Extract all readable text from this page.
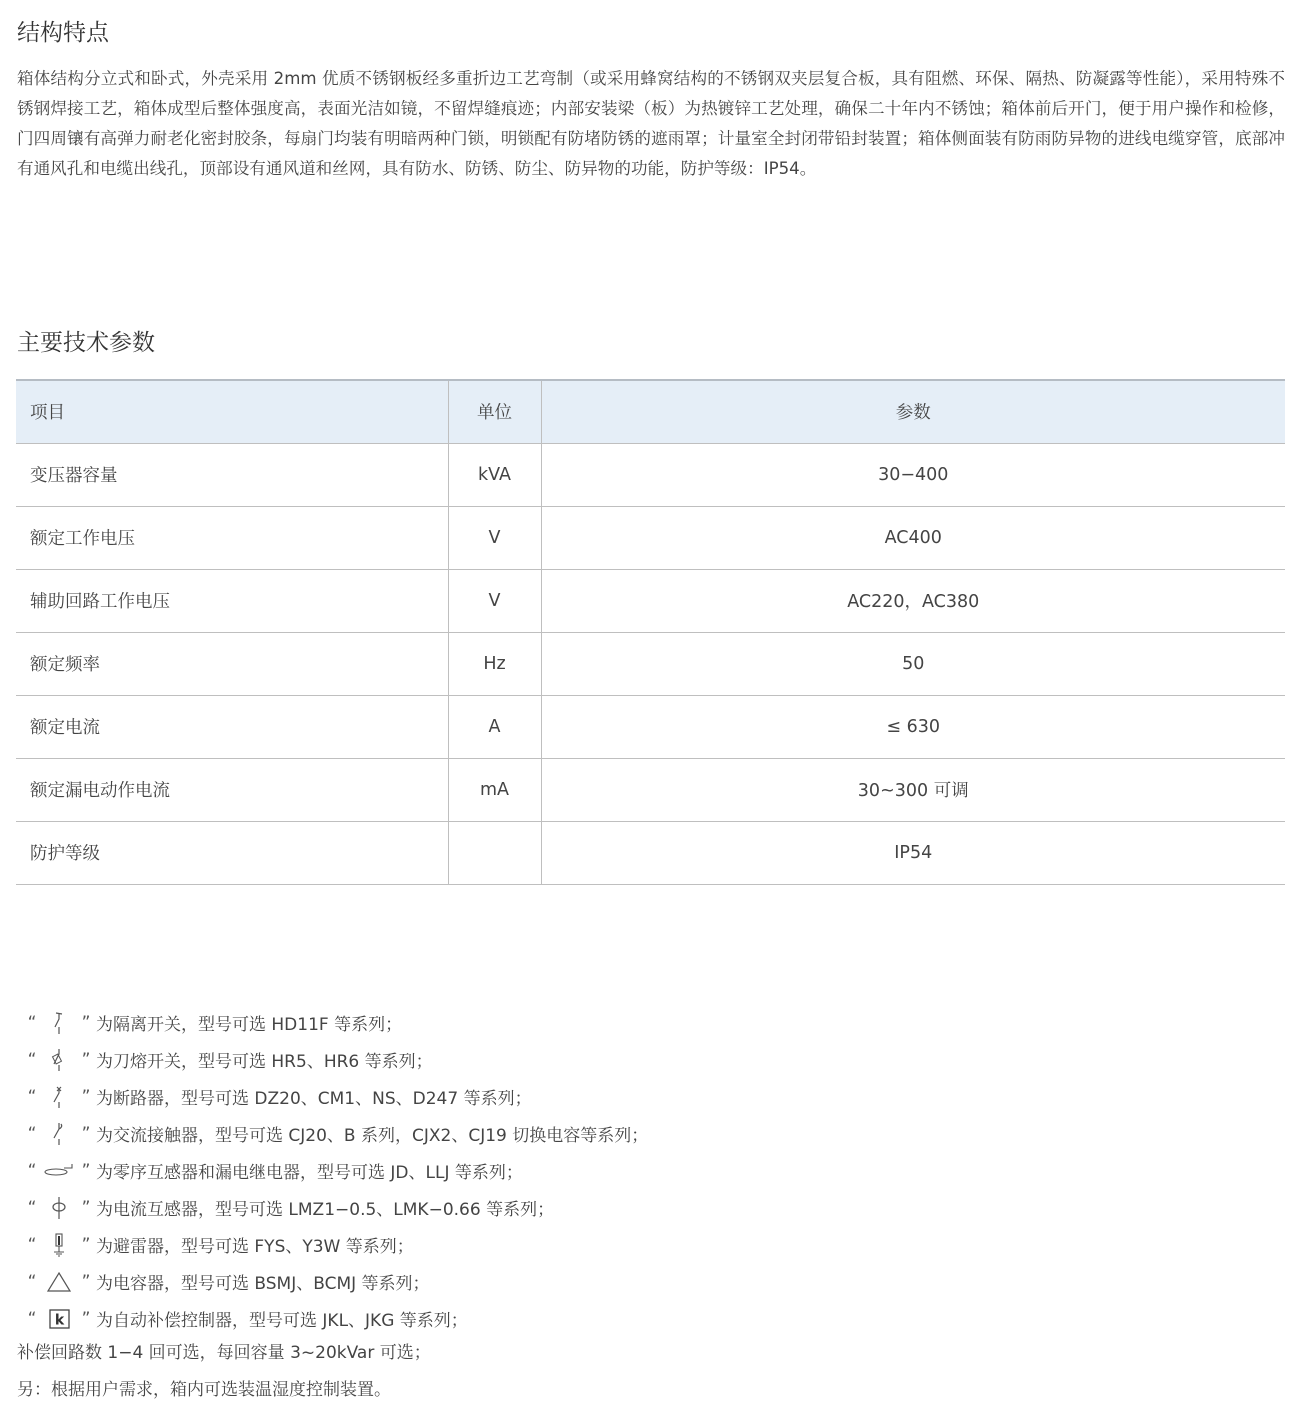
结构特点

箱体结构分立式和卧式，外壳采用 2mm 优质不锈钢板经多重折边工艺弯制（或采用蜂窝结构的不锈钢双夹层复合板，具有阻燃、环保、隔热、防凝露等性能），采用特殊不锈钢焊接工艺，箱体成型后整体强度高，表面光洁如镜，不留焊缝痕迹；内部安装梁（板）为热镀锌工艺处理，确保二十年内不锈蚀；箱体前后开门，便于用户操作和检修，门四周镶有高弹力耐老化密封胶条，每扇门均装有明暗两种门锁，明锁配有防堵防锈的遮雨罩；计量室全封闭带铅封装置；箱体侧面装有防雨防异物的进线电缆穿管，底部冲有通风孔和电缆出线孔，顶部设有通风道和丝网，具有防水、防锈、防尘、防异物的功能，防护等级：IP54。

主要技术参数
项目	单位	参数
变压器容量	kVA	30−400
额定工作电压	V	AC400
辅助回路工作电压	V	AC220，AC380
额定频率	Hz	50
额定电流	A	≤ 630
额定漏电动作电流	mA	30~300 可调
防护等级		IP54
“	” 为隔离开关，型号可选 HD11F 等系列；
“	” 为刀熔开关，型号可选 HR5、HR6 等系列；
“	” 为断路器，型号可选 DZ20、CM1、NS、D247 等系列；
“	” 为交流接触器，型号可选 CJ20、B 系列，CJX2、CJ19 切换电容等系列；
“	” 为零序互感器和漏电继电器，型号可选 JD、LLJ 等系列；
“	” 为电流互感器，型号可选 LMZ1−0.5、LMK−0.66 等系列；
“	” 为避雷器，型号可选 FYS、Y3W 等系列；
“	” 为电容器，型号可选 BSMJ、BCMJ 等系列；
“	k	” 为自动补偿控制器，型号可选 JKL、JKG 等系列；
补偿回路数 1−4 回可选，每回容量 3~20kVar 可选；
另：根据用户需求，箱内可选装温湿度控制装置。
